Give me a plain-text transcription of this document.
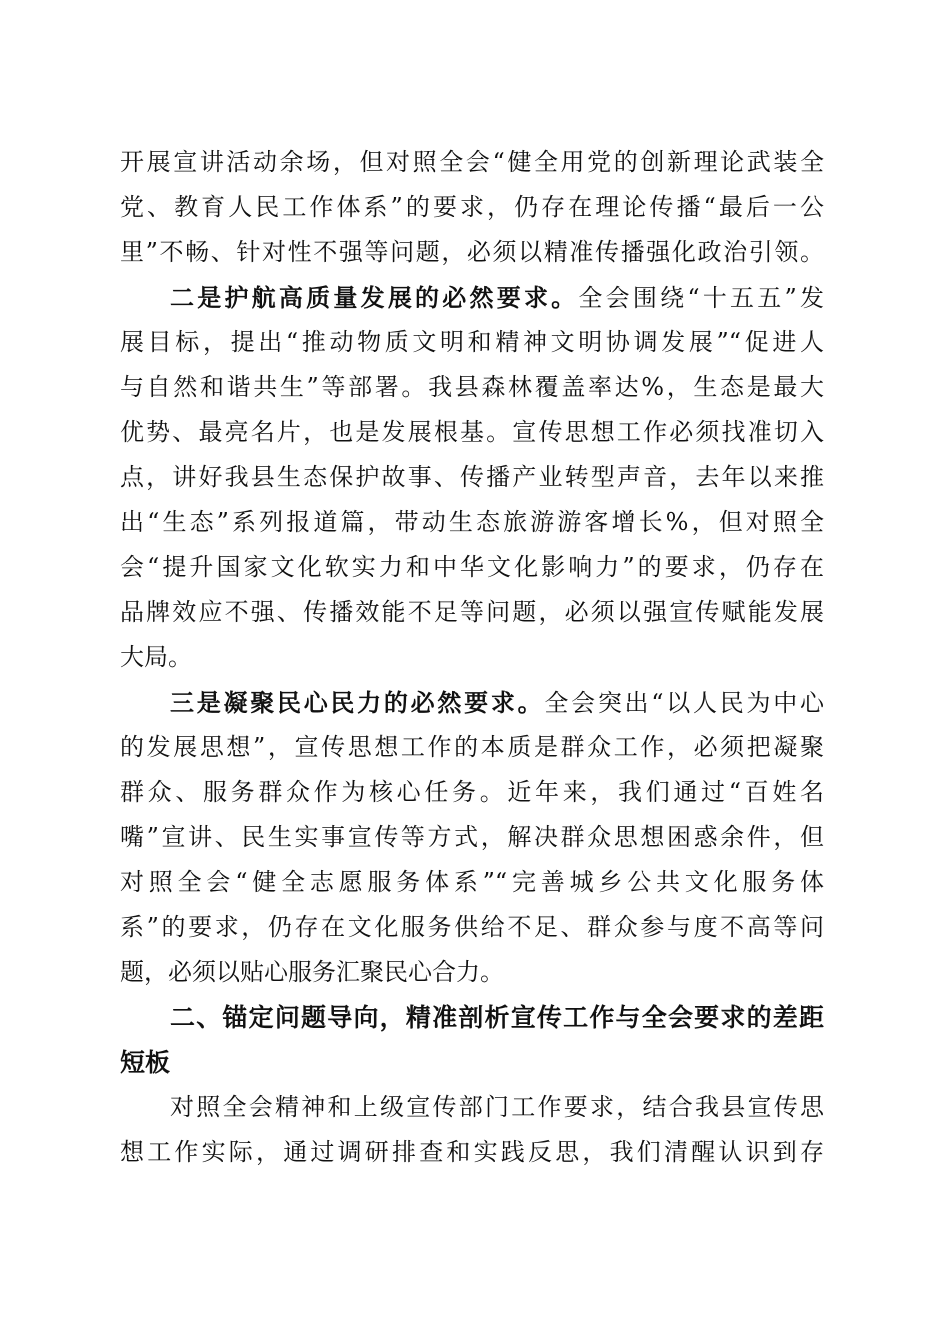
开展宣讲活动余场，但对照全会“健全用党的创新理论武装全
党、教育人民工作体系”的要求，仍存在理论传播“最后一公
里”不畅、针对性不强等问题，必须以精准传播强化政治引领。
二是护航高质量发展的必然要求。全会围绕“十五五”发
展目标，提出“推动物质文明和精神文明协调发展”“促进人
与自然和谐共生”等部署。我县森林覆盖率达%，生态是最大
优势、最亮名片，也是发展根基。宣传思想工作必须找准切入
点，讲好我县生态保护故事、传播产业转型声音，去年以来推
出“生态”系列报道篇，带动生态旅游游客增长%，但对照全
会“提升国家文化软实力和中华文化影响力”的要求，仍存在
品牌效应不强、传播效能不足等问题，必须以强宣传赋能发展
大局。
三是凝聚民心民力的必然要求。全会突出“以人民为中心
的发展思想”，宣传思想工作的本质是群众工作，必须把凝聚
群众、服务群众作为核心任务。近年来，我们通过“百姓名
嘴”宣讲、民生实事宣传等方式，解决群众思想困惑余件，但
对照全会“健全志愿服务体系”“完善城乡公共文化服务体
系”的要求，仍存在文化服务供给不足、群众参与度不高等问
题，必须以贴心服务汇聚民心合力。
二、锚定问题导向，精准剖析宣传工作与全会要求的差距
短板
对照全会精神和上级宣传部门工作要求，结合我县宣传思
想工作实际，通过调研排查和实践反思，我们清醒认识到存
